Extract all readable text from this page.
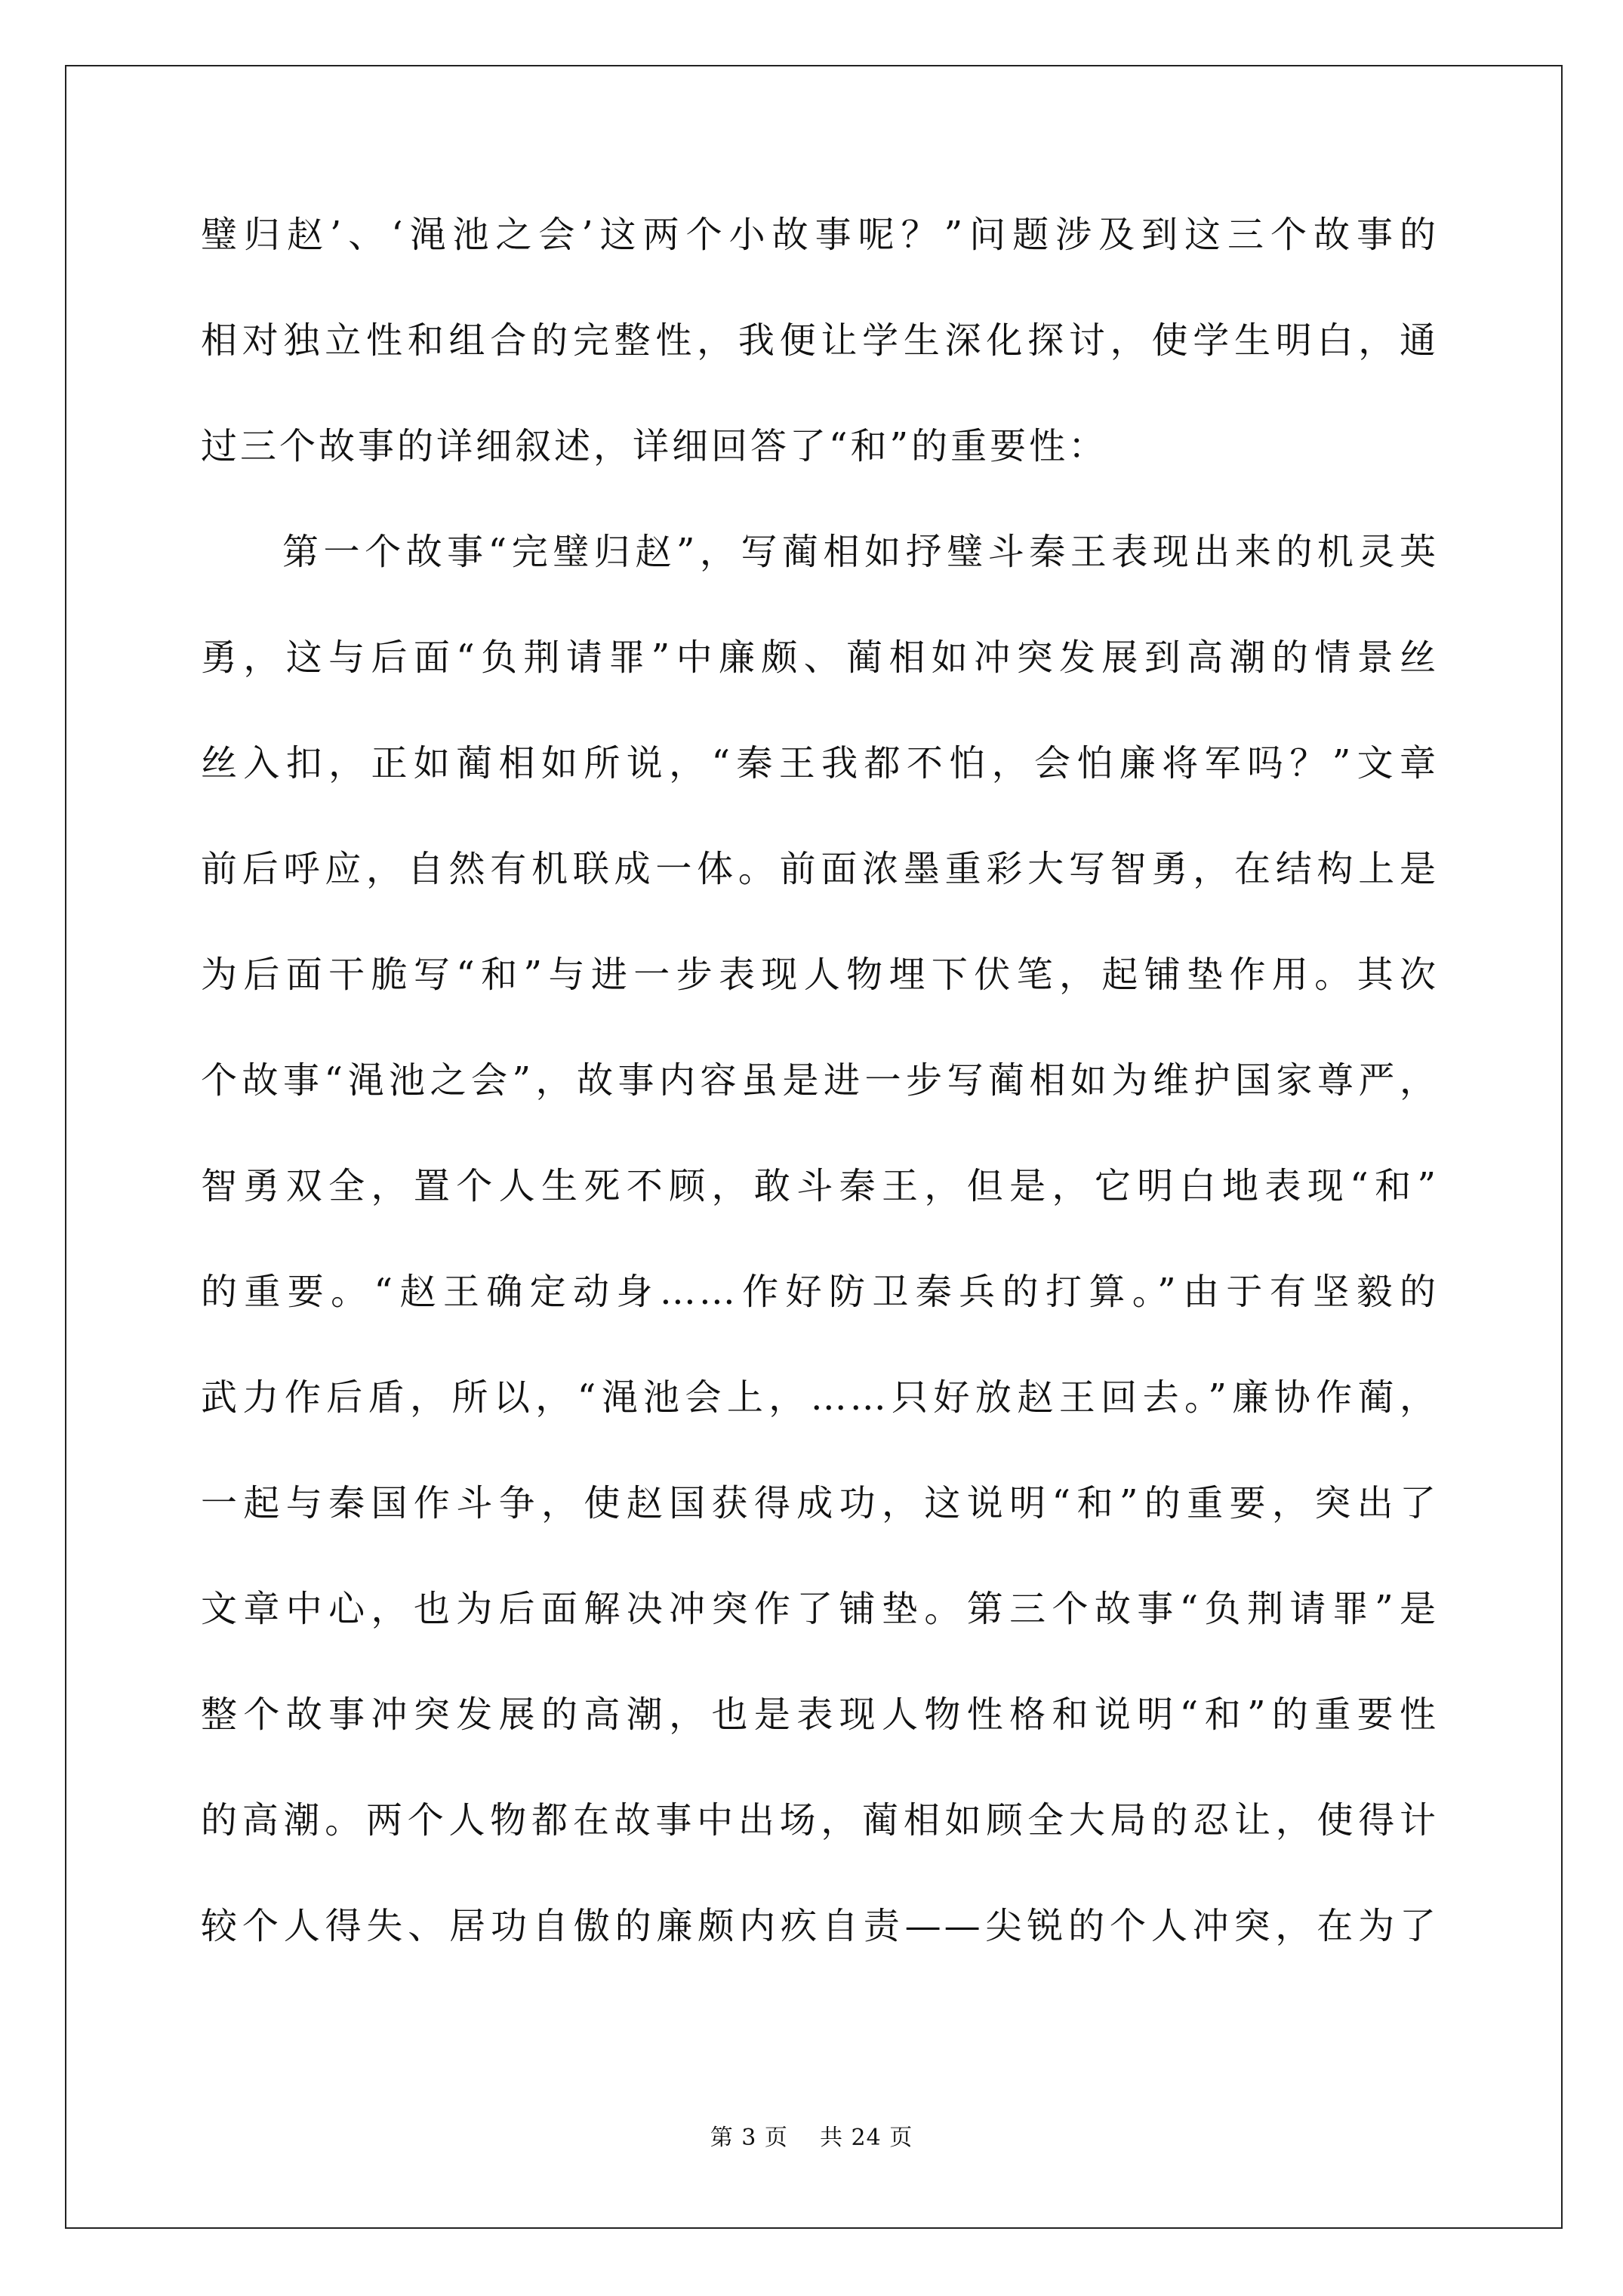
璧归赵’、‘渑池之会’这两个小故事呢？”问题涉及到这三个故事的
相对独立性和组合的完整性，我便让学生深化探讨，使学生明白，通
过三个故事的详细叙述，详细回答了“和”的重要性：
第一个故事“完璧归赵”，写蔺相如抒璧斗秦王表现出来的机灵英
勇，这与后面“负荆请罪”中廉颇、蔺相如冲突发展到高潮的情景丝
丝入扣，正如蔺相如所说，“秦王我都不怕，会怕廉将军吗？”文章
前后呼应，自然有机联成一体。前面浓墨重彩大写智勇，在结构上是
为后面干脆写“和”与进一步表现人物埋下伏笔，起铺垫作用。其次
个故事“渑池之会”，故事内容虽是进一步写蔺相如为维护国家尊严，
智勇双全，置个人生死不顾，敢斗秦王，但是，它明白地表现“和”
的重要。“赵王确定动身……作好防卫秦兵的打算。”由于有坚毅的
武力作后盾，所以，“渑池会上，……只好放赵王回去。”廉协作蔺，
一起与秦国作斗争，使赵国获得成功，这说明“和”的重要，突出了
文章中心，也为后面解决冲突作了铺垫。第三个故事“负荆请罪”是
整个故事冲突发展的高潮，也是表现人物性格和说明“和”的重要性
的高潮。两个人物都在故事中出场，蔺相如顾全大局的忍让，使得计
较个人得失、居功自傲的廉颇内疚自责——尖锐的个人冲突，在为了
第 3 页    共 24 页
